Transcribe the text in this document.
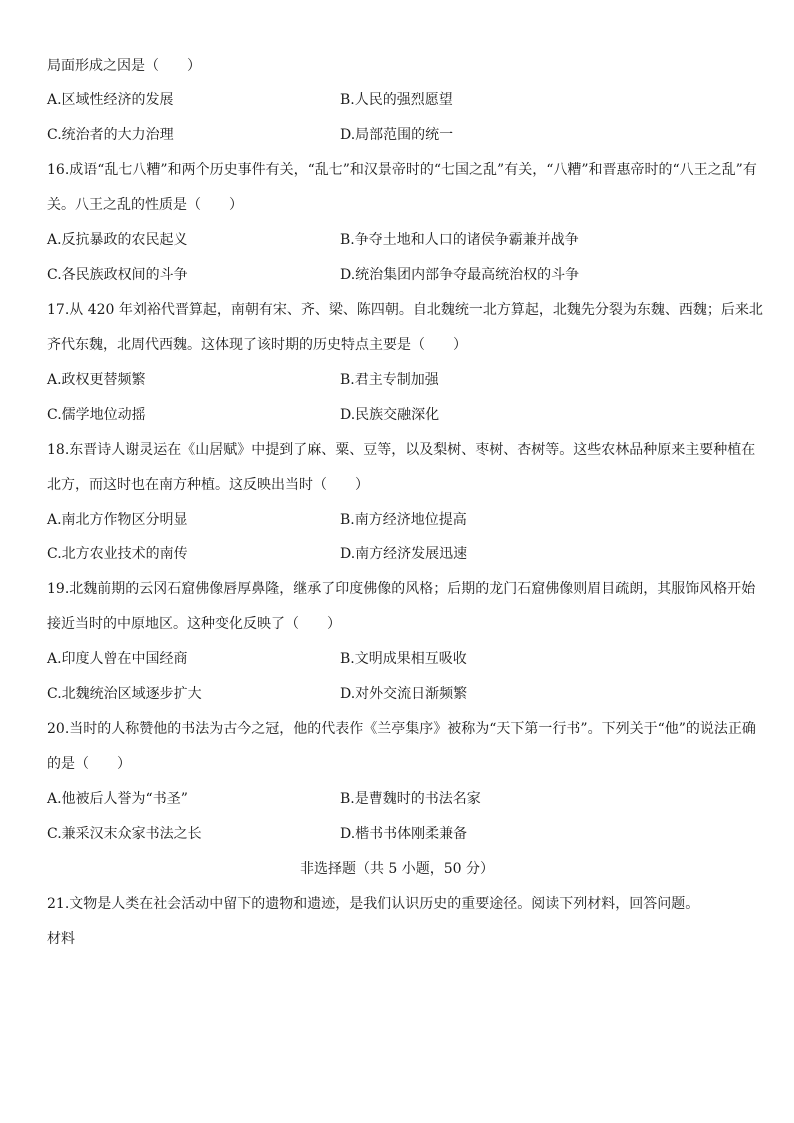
局面形成之因是（　　）
A.区域性经济的发展	B.人民的强烈愿望
C.统治者的大力治理	D.局部范围的统一
16.成语“乱七八糟”和两个历史事件有关，“乱七”和汉景帝时的“七国之乱”有关，“八糟”和晋惠帝时的“八王之乱”有
关。八王之乱的性质是（　　）
A.反抗暴政的农民起义	B.争夺土地和人口的诸侯争霸兼并战争
C.各民族政权间的斗争	D.统治集团内部争夺最高统治权的斗争
17.从 420 年刘裕代晋算起，南朝有宋、齐、梁、陈四朝。自北魏统一北方算起，北魏先分裂为东魏、西魏；后来北
齐代东魏，北周代西魏。这体现了该时期的历史特点主要是（　　）
A.政权更替频繁	B.君主专制加强
C.儒学地位动摇	D.民族交融深化
18.东晋诗人谢灵运在《山居赋》中提到了麻、粟、豆等，以及梨树、枣树、杏树等。这些农林品种原来主要种植在
北方，而这时也在南方种植。这反映出当时（　　）
A.南北方作物区分明显	B.南方经济地位提高
C.北方农业技术的南传	D.南方经济发展迅速
19.北魏前期的云冈石窟佛像唇厚鼻隆，继承了印度佛像的风格；后期的龙门石窟佛像则眉目疏朗，其服饰风格开始
接近当时的中原地区。这种变化反映了（　　）
A.印度人曾在中国经商	B.文明成果相互吸收
C.北魏统治区域逐步扩大	D.对外交流日渐频繁
20.当时的人称赞他的书法为古今之冠，他的代表作《兰亭集序》被称为“天下第一行书”。下列关于“他”的说法正确
的是（　　）
A.他被后人誉为“书圣”	B.是曹魏时的书法名家
C.兼采汉末众家书法之长	D.楷书书体刚柔兼备
非选择题（共 5 小题，50 分）
21.文物是人类在社会活动中留下的遗物和遗迹，是我们认识历史的重要途径。阅读下列材料，回答问题。
材料
